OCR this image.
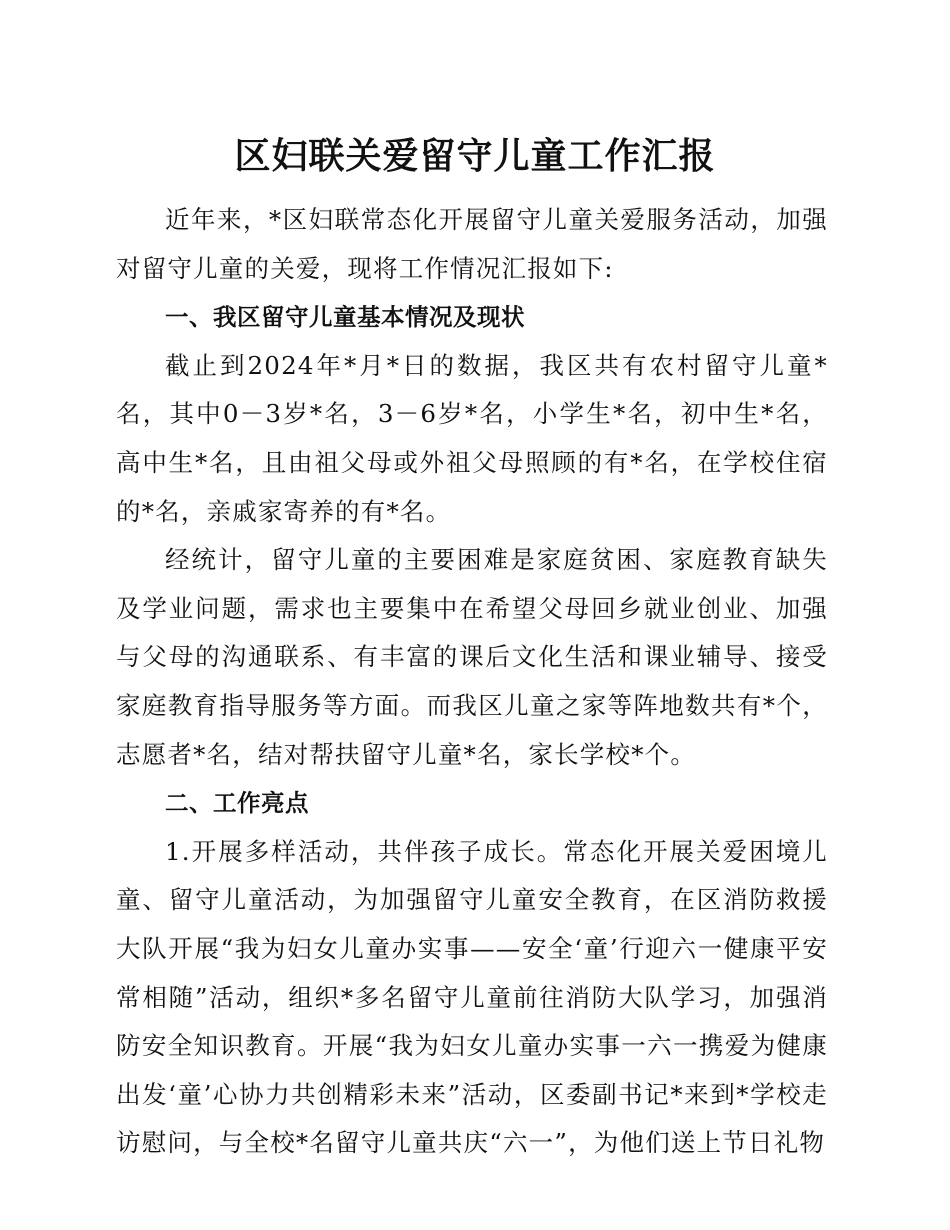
区妇联关爱留守儿童工作汇报

近年来，*区妇联常态化开展留守儿童关爱服务活动，加强对留守儿童的关爱，现将工作情况汇报如下:

一、我区留守儿童基本情况及现状

截止到2024年*月*日的数据，我区共有农村留守儿童*名，其中0－3岁*名，3－6岁*名，小学生*名，初中生*名，高中生*名，且由祖父母或外祖父母照顾的有*名，在学校住宿的*名，亲戚家寄养的有*名。

经统计，留守儿童的主要困难是家庭贫困、家庭教育缺失及学业问题，需求也主要集中在希望父母回乡就业创业、加强与父母的沟通联系、有丰富的课后文化生活和课业辅导、接受家庭教育指导服务等方面。而我区儿童之家等阵地数共有*个，志愿者*名，结对帮扶留守儿童*名，家长学校*个。

二、工作亮点

1.开展多样活动，共伴孩子成长。常态化开展关爱困境儿童、留守儿童活动，为加强留守儿童安全教育，在区消防救援大队开展“我为妇女儿童办实事——安全‘童’行迎六一健康平安常相随”活动，组织*多名留守儿童前往消防大队学习，加强消防安全知识教育。开展“我为妇女儿童办实事一六一携爱为健康出发‘童’心协力共创精彩未来”活动，区委副书记*来到*学校走访慰问，与全校*名留守儿童共庆“六一”，为他们送上节日礼物
